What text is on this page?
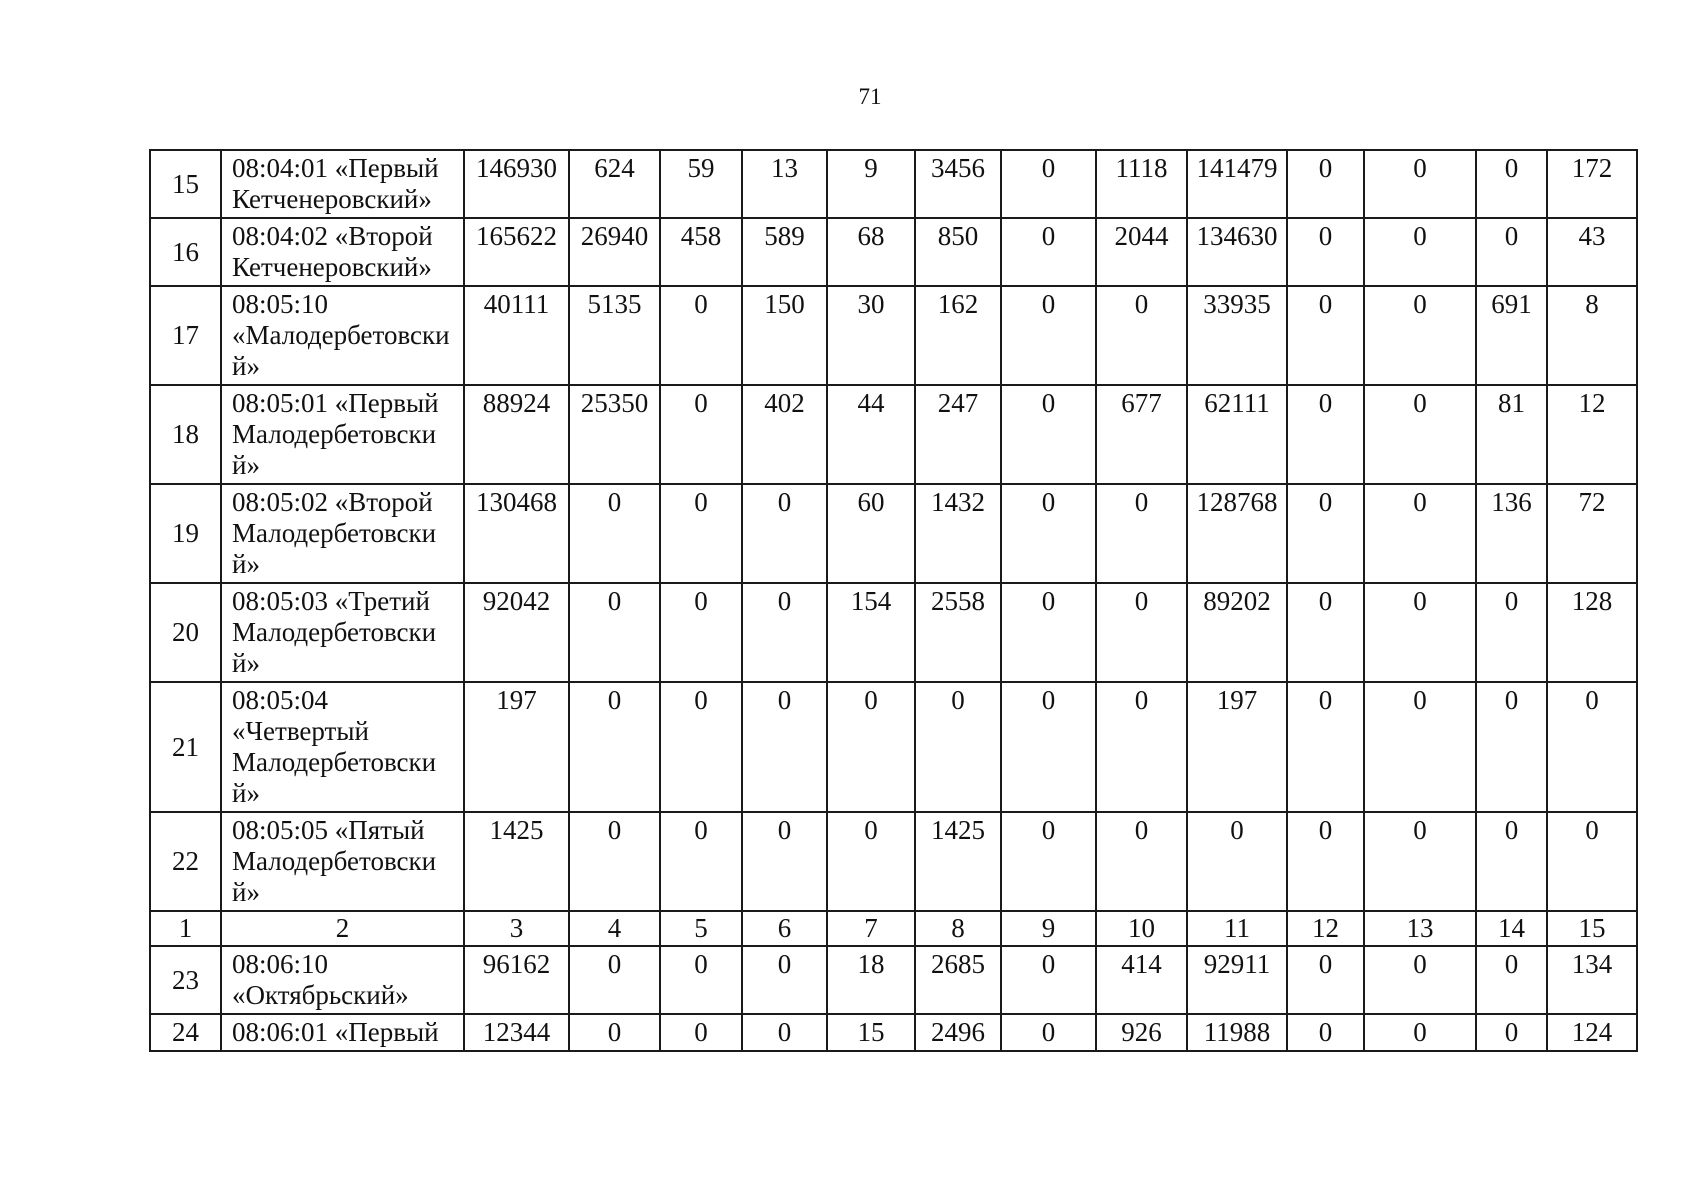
71
15	08:04:01 «Первый
Кетченеровский»	14693​0	624	59	13	9	3456	0	1118	14147​9	0	0	0	172
16	08:04:02 «Второй
Кетченеровский»	16562​2	2694​0	458	589	68	850	0	2044	13463​0	0	0	0	43
17	08:05:10
«Малодербетовски
й»	40111	5135	0	150	30	162	0	0	33935	0	0	691	8
18	08:05:01 «Первый
Малодербетовски
й»	88924	2535​0	0	402	44	247	0	677	62111	0	0	81	12
19	08:05:02 «Второй
Малодербетовски
й»	13046​8	0	0	0	60	1432	0	0	12876​8	0	0	136	72
20	08:05:03 «Третий
Малодербетовски
й»	92042	0	0	0	154	2558	0	0	89202	0	0	0	128
21	08:05:04
«Четвертый
Малодербетовски
й»	197	0	0	0	0	0	0	0	197	0	0	0	0
22	08:05:05 «Пятый
Малодербетовски
й»	1425	0	0	0	0	1425	0	0	0	0	0	0	0
1	2	3	4	5	6	7	8	9	10	11	12	13	14	15
23	08:06:10
«Октябрьский»	96162	0	0	0	18	2685	0	414	92911	0	0	0	134
24	08:06:01 «Первый	12344	0	0	0	15	2496	0	926	11988	0	0	0	124
